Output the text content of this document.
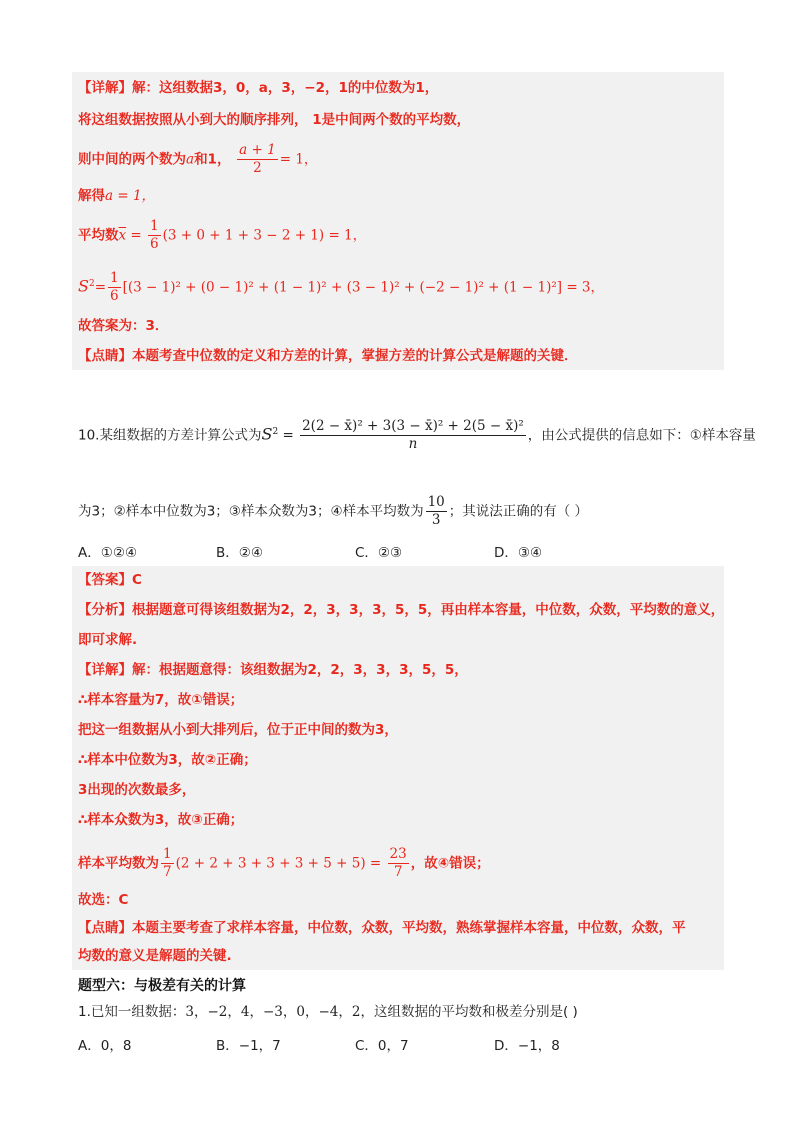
【详解】解：这组数据3，0，a，3，−2，1的中位数为1，
将这组数据按照从小到大的顺序排列， 1是中间两个数的平均数，
则中间的两个数为a和1， $\frac{a + 1}{2} = 1$，
解得a = 1，
平均数$\overline{x} = \frac{1}{6} (3 + 0 + 1 + 3 - 2 + 1) = 1$，
$S^2= \frac{1}{6} [(3 - 1)^2 + (0 - 1)^2 + (1 - 1)^2 + (3 - 1)^2 + (-2 - 1)^2 + (1 - 1)^2] = 3$，
故答案为：3．
【点睛】本题考查中位数的定义和方差的计算，掌握方差的计算公式是解题的关键．
10.某组数据的方差计算公式为$S^2 = \frac{\text{2(2 − x̄)² + 3(3 − x̄)² + 2(5 − x̄)²}}{n}$ ，由公式提供的信息如下：①样本容量
为3；②样本中位数为3；③样本众数为3；④样本平均数为 $\frac{10}{3}$ ；其说法正确的有（ ）
A．①②④	B．②④	C．②③	D．③④
【答案】C
【分析】根据题意可得该组数据为2，2，3，3，3，5，5，再由样本容量，中位数，众数，平均数的意义，
即可求解.
【详解】解：根据题意得：该组数据为2，2，3，3，3，5，5，
∴样本容量为7，故①错误；
把这一组数据从小到大排列后，位于正中间的数为3，
∴样本中位数为3，故②正确；
3出现的次数最多，
∴样本众数为3，故③正确；
样本平均数为 $\frac{1}{7} (2 + 2 + 3 + 3 + 3 + 5 + 5) = \frac{23}{7}$ ，故④错误；
故选：C
【点睛】本题主要考查了求样本容量，中位数，众数，平均数，熟练掌握样本容量，中位数，众数，平
均数的意义是解题的关键.
题型六：与极差有关的计算
1.已知一组数据：3，−2，4，−3，0，−4，2，这组数据的平均数和极差分别是( )
A．0，8	B．−1，7	C．0，7	D．−1，8
